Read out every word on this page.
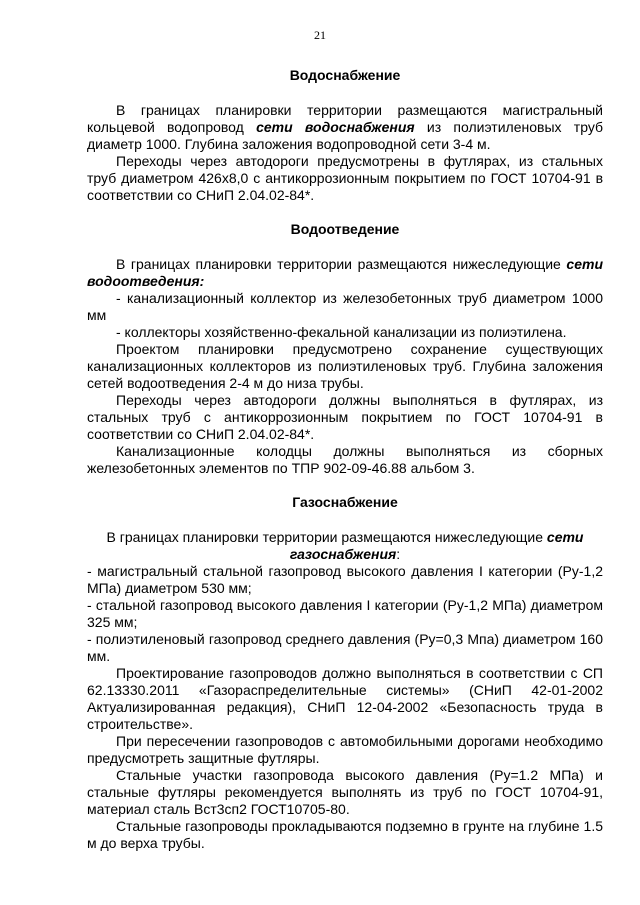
21
Водоснабжение

В границах планировки территории размещаются магистральный кольцевой водопровод сети водоснабжения из полиэтиленовых труб диаметр 1000. Глубина заложения водопроводной сети 3-4 м.

Переходы через автодороги предусмотрены в футлярах, из стальных труб диаметром 426х8,0 с антикоррозионным покрытием по ГОСТ 10704-91 в соответствии со СНиП 2.04.02-84*.

Водоотведение

В границах планировки территории размещаются нижеследующие сети водоотведения:

- канализационный коллектор из железобетонных труб диаметром 1000 мм

- коллекторы хозяйственно-фекальной канализации из полиэтилена.

Проектом планировки предусмотрено сохранение существующих канализационных коллекторов из полиэтиленовых труб. Глубина заложения сетей водоотведения 2-4 м до низа трубы.

Переходы через автодороги должны выполняться в футлярах, из стальных труб с антикоррозионным покрытием по ГОСТ 10704-91 в соответствии со СНиП 2.04.02-84*.

Канализационные колодцы должны выполняться из сборных железобетонных элементов по ТПР 902-09-46.88 альбом 3.

Газоснабжение

В границах планировки территории размещаются нижеследующие сети газоснабжения:

- магистральный стальной газопровод высокого давления I категории (Ру-1,2 МПа) диаметром 530 мм;

- стальной газопровод высокого давления I категории (Ру-1,2 МПа) диаметром 325 мм;

- полиэтиленовый газопровод среднего давления (Ру=0,3 Мпа) диаметром 160 мм.

Проектирование газопроводов должно выполняться в соответствии с СП 62.13330.2011 «Газораспределительные системы» (СНиП 42-01-2002 Актуализированная редакция), СНиП 12-04-2002 «Безопасность труда в строительстве».

При пересечении газопроводов с автомобильными дорогами необходимо предусмотреть защитные футляры.

Стальные участки газопровода высокого давления (Ру=1.2 МПа) и стальные футляры рекомендуется выполнять из труб по ГОСТ 10704-91, материал сталь Вст3сп2 ГОСТ10705-80.

Стальные газопроводы прокладываются подземно в грунте на глубине 1.5 м до верха трубы.
